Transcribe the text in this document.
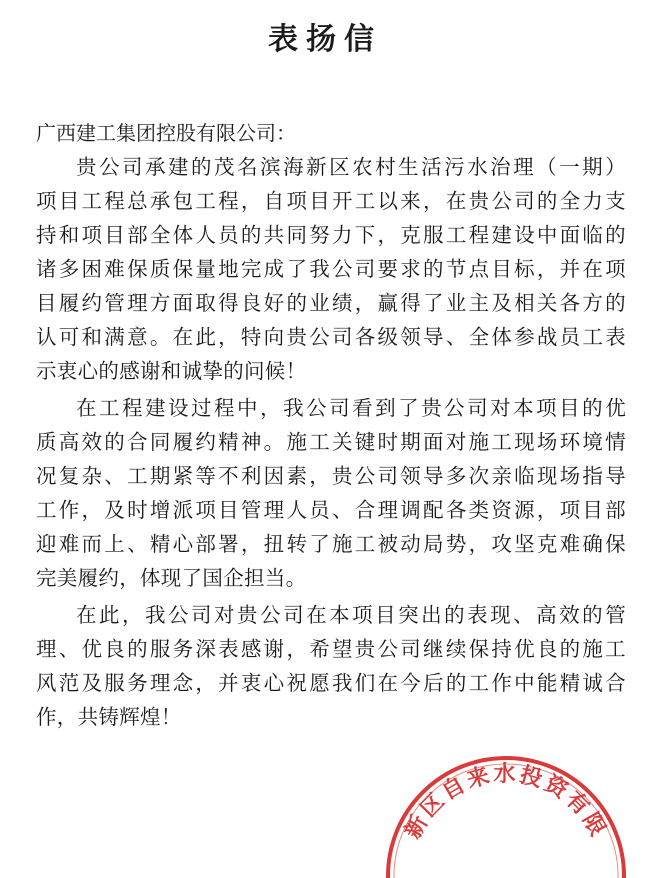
表扬信
广西建工集团控股有限公司：
贵公司承建的茂名滨海新区农村生活污水治理（一期）
项目工程总承包工程，自项目开工以来，在贵公司的全力支
持和项目部全体人员的共同努力下，克服工程建设中面临的
诸多困难保质保量地完成了我公司要求的节点目标，并在项
目履约管理方面取得良好的业绩，赢得了业主及相关各方的
认可和满意。在此，特向贵公司各级领导、全体参战员工表
示衷心的感谢和诚挚的问候！
在工程建设过程中，我公司看到了贵公司对本项目的优
质高效的合同履约精神。施工关键时期面对施工现场环境情
况复杂、工期紧等不利因素，贵公司领导多次亲临现场指导
工作，及时增派项目管理人员、合理调配各类资源，项目部
迎难而上、精心部署，扭转了施工被动局势，攻坚克难确保
完美履约，体现了国企担当。
在此，我公司对贵公司在本项目突出的表现、高效的管
理、优良的服务深表感谢，希望贵公司继续保持优良的施工
风范及服务理念，并衷心祝愿我们在今后的工作中能精诚合
作，共铸辉煌！
新区自来水投资有限
